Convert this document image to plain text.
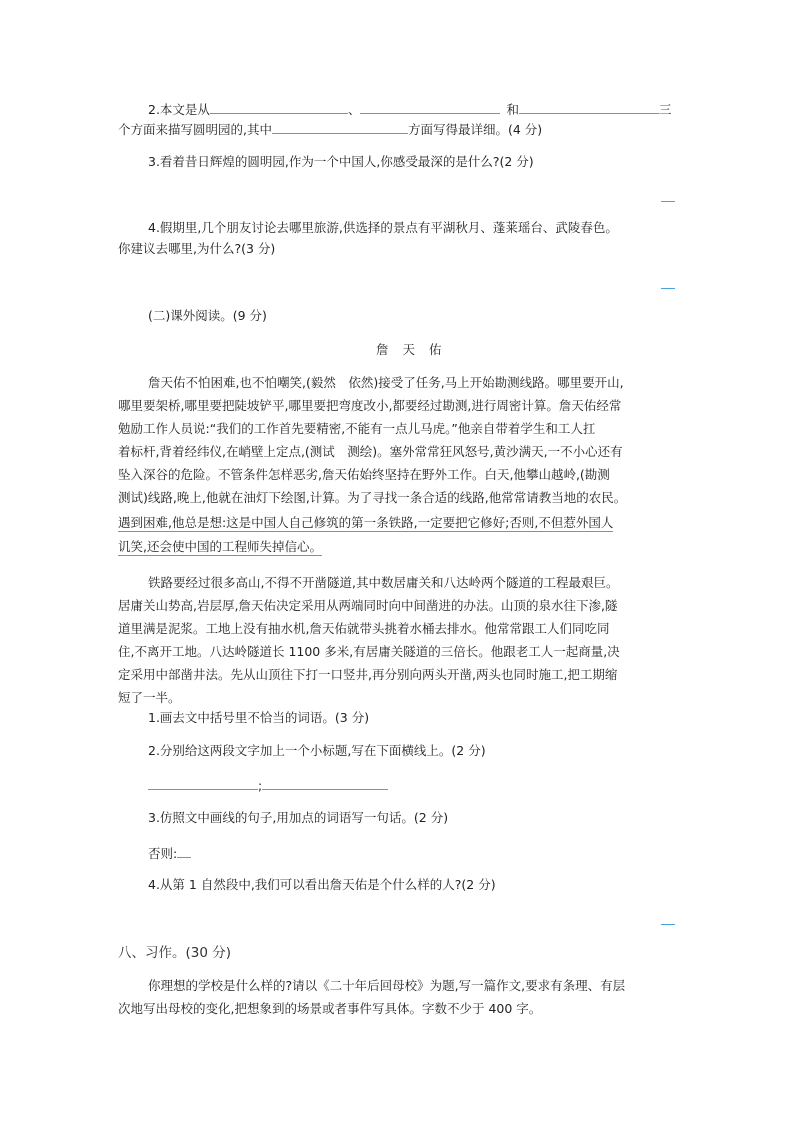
2.本文是从	、	和	三
个方面来描写圆明园的,其中	方面写得最详细。(4 分)
3.看着昔日辉煌的圆明园,作为一个中国人,你感受最深的是什么?(2 分)
4.假期里,几个朋友讨论去哪里旅游,供选择的景点有平湖秋月、蓬莱瑶台、武陵春色。
你建议去哪里,为什么?(3 分)
(二)课外阅读。(9 分)
詹天佑
詹天佑不怕困难,也不怕嘲笑,(毅然　依然)接受了任务,马上开始勘测线路。哪里要开山,
哪里要架桥,哪里要把陡坡铲平,哪里要把弯度改小,都要经过勘测,进行周密计算。詹天佑经常
勉励工作人员说:“我们的工作首先要精密,不能有一点儿马虎。”他亲自带着学生和工人扛
着标杆,背着经纬仪,在峭壁上定点,(测试　测绘)。塞外常常狂风怒号,黄沙满天,一不小心还有
坠入深谷的危险。不管条件怎样恶劣,詹天佑始终坚持在野外工作。白天,他攀山越岭,(勘测
测试)线路,晚上,他就在油灯下绘图,计算。为了寻找一条合适的线路,他常常请教当地的农民。
遇到困难,他总是想:这是中国人自己修筑的第一条铁路,一定要把它修好;否则,不但惹外国人
讥笑,还会使中国的工程师失掉信心。
铁路要经过很多高山,不得不开凿隧道,其中数居庸关和八达岭两个隧道的工程最艰巨。
居庸关山势高,岩层厚,詹天佑决定采用从两端同时向中间凿进的办法。山顶的泉水往下渗,隧
道里满是泥浆。工地上没有抽水机,詹天佑就带头挑着水桶去排水。他常常跟工人们同吃同
住,不离开工地。八达岭隧道长 1100 多米,有居庸关隧道的三倍长。他跟老工人一起商量,决
定采用中部凿井法。先从山顶往下打一口竖井,再分别向两头开凿,两头也同时施工,把工期缩
短了一半。
1.画去文中括号里不恰当的词语。(3 分)
2.分别给这两段文字加上一个小标题,写在下面横线上。(2 分)
;
3.仿照文中画线的句子,用加点的词语写一句话。(2 分)
否则:
4.从第 1 自然段中,我们可以看出詹天佑是个什么样的人?(2 分)
八、习作。(30 分)
你理想的学校是什么样的?请以《二十年后回母校》为题,写一篇作文,要求有条理、有层
次地写出母校的变化,把想象到的场景或者事件写具体。字数不少于 400 字。
